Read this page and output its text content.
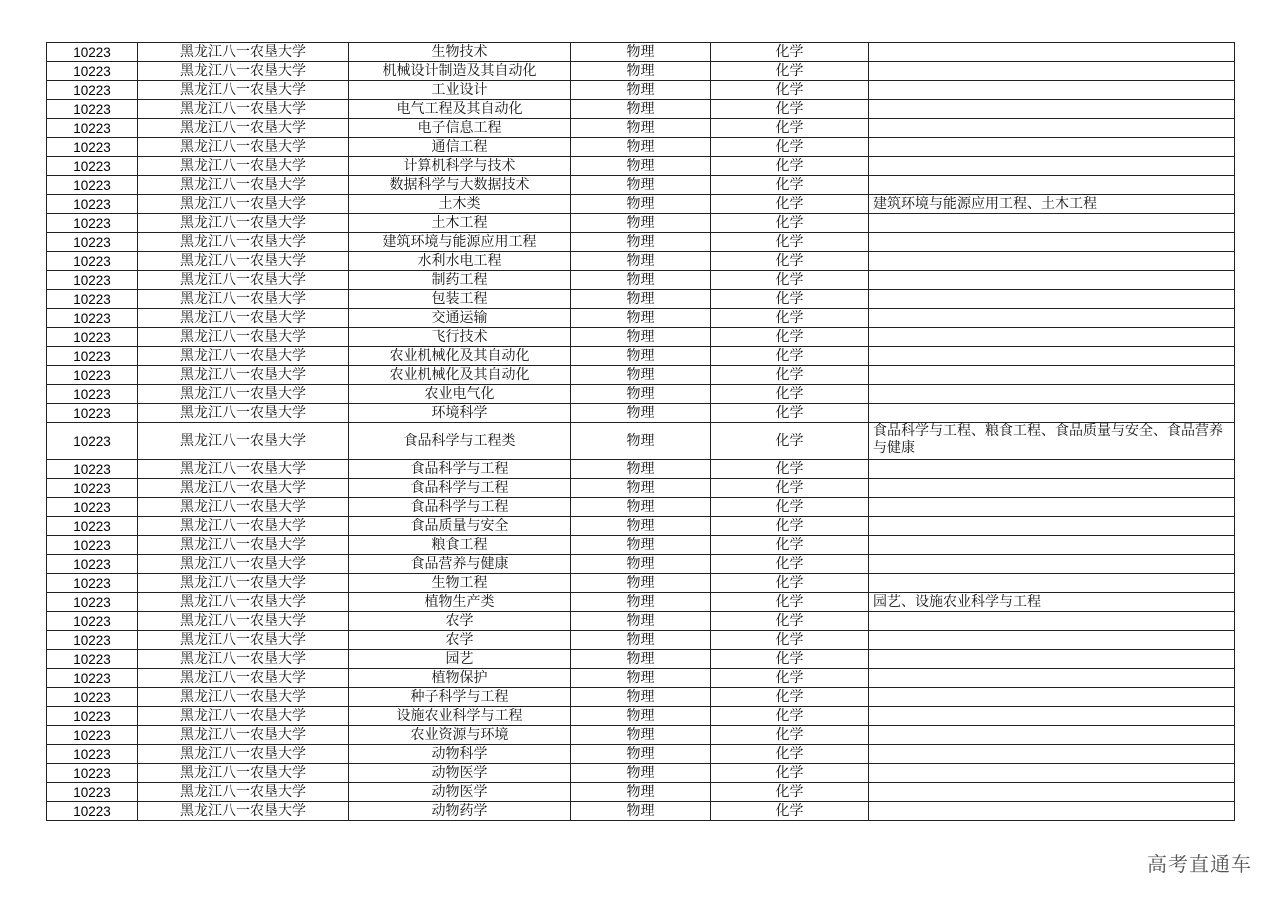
10223	黑龙江八一农垦大学	生物技术	物理	化学	
10223	黑龙江八一农垦大学	机械设计制造及其自动化	物理	化学	
10223	黑龙江八一农垦大学	工业设计	物理	化学	
10223	黑龙江八一农垦大学	电气工程及其自动化	物理	化学	
10223	黑龙江八一农垦大学	电子信息工程	物理	化学	
10223	黑龙江八一农垦大学	通信工程	物理	化学	
10223	黑龙江八一农垦大学	计算机科学与技术	物理	化学	
10223	黑龙江八一农垦大学	数据科学与大数据技术	物理	化学	
10223	黑龙江八一农垦大学	土木类	物理	化学	建筑环境与能源应用工程、土木工程
10223	黑龙江八一农垦大学	土木工程	物理	化学	
10223	黑龙江八一农垦大学	建筑环境与能源应用工程	物理	化学	
10223	黑龙江八一农垦大学	水利水电工程	物理	化学	
10223	黑龙江八一农垦大学	制药工程	物理	化学	
10223	黑龙江八一农垦大学	包装工程	物理	化学	
10223	黑龙江八一农垦大学	交通运输	物理	化学	
10223	黑龙江八一农垦大学	飞行技术	物理	化学	
10223	黑龙江八一农垦大学	农业机械化及其自动化	物理	化学	
10223	黑龙江八一农垦大学	农业机械化及其自动化	物理	化学	
10223	黑龙江八一农垦大学	农业电气化	物理	化学	
10223	黑龙江八一农垦大学	环境科学	物理	化学	
10223	黑龙江八一农垦大学	食品科学与工程类	物理	化学	食品科学与工程、粮食工程、食品质量与安全、食品营养与健康
10223	黑龙江八一农垦大学	食品科学与工程	物理	化学	
10223	黑龙江八一农垦大学	食品科学与工程	物理	化学	
10223	黑龙江八一农垦大学	食品科学与工程	物理	化学	
10223	黑龙江八一农垦大学	食品质量与安全	物理	化学	
10223	黑龙江八一农垦大学	粮食工程	物理	化学	
10223	黑龙江八一农垦大学	食品营养与健康	物理	化学	
10223	黑龙江八一农垦大学	生物工程	物理	化学	
10223	黑龙江八一农垦大学	植物生产类	物理	化学	园艺、设施农业科学与工程
10223	黑龙江八一农垦大学	农学	物理	化学	
10223	黑龙江八一农垦大学	农学	物理	化学	
10223	黑龙江八一农垦大学	园艺	物理	化学	
10223	黑龙江八一农垦大学	植物保护	物理	化学	
10223	黑龙江八一农垦大学	种子科学与工程	物理	化学	
10223	黑龙江八一农垦大学	设施农业科学与工程	物理	化学	
10223	黑龙江八一农垦大学	农业资源与环境	物理	化学	
10223	黑龙江八一农垦大学	动物科学	物理	化学	
10223	黑龙江八一农垦大学	动物医学	物理	化学	
10223	黑龙江八一农垦大学	动物医学	物理	化学	
10223	黑龙江八一农垦大学	动物药学	物理	化学	
高考直通车
